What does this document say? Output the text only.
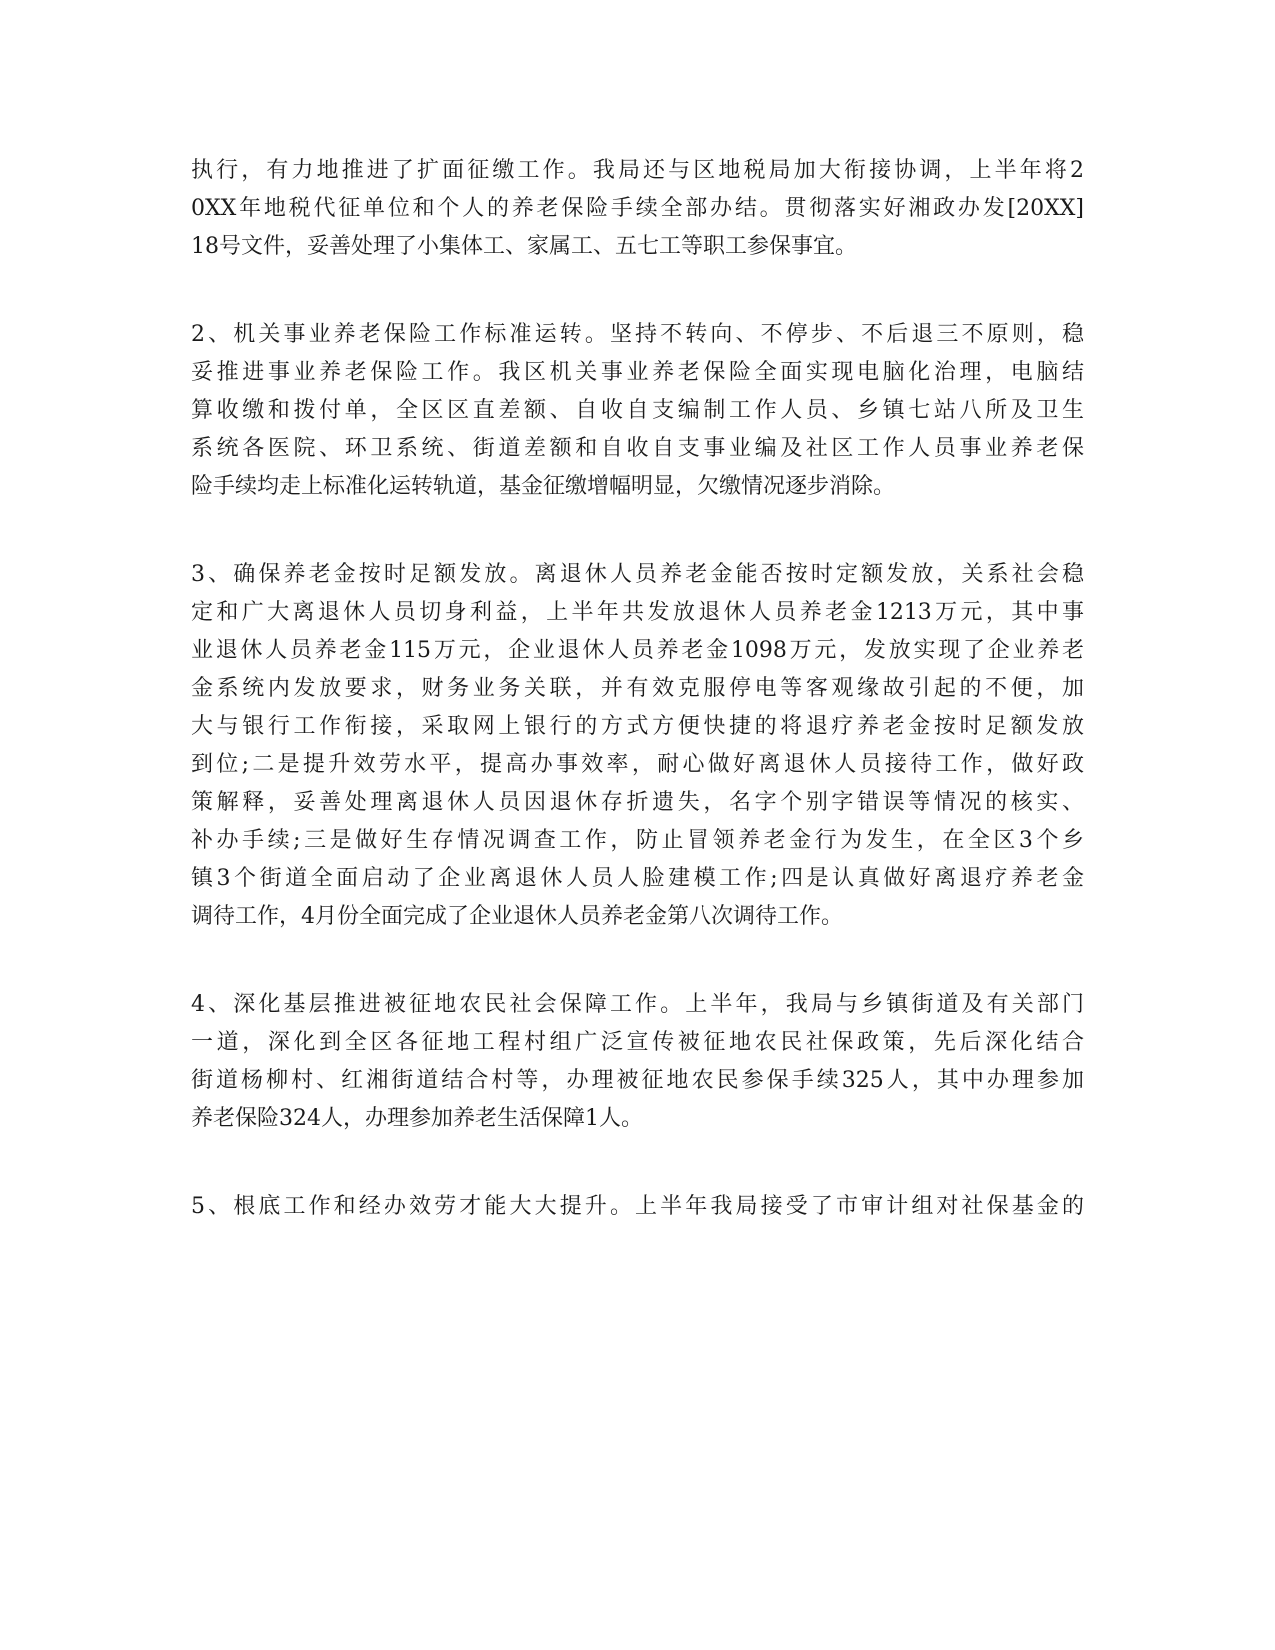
执行，有力地推进了扩面征缴工作。我局还与区地税局加大衔接协调，上半年将2
0XX年地税代征单位和个人的养老保险手续全部办结。贯彻落实好湘政办发[20XX]
18号文件，妥善处理了小集体工、家属工、五七工等职工参保事宜。
2、机关事业养老保险工作标准运转。坚持不转向、不停步、不后退三不原则，稳
妥推进事业养老保险工作。我区机关事业养老保险全面实现电脑化治理，电脑结
算收缴和拨付单，全区区直差额、自收自支编制工作人员、乡镇七站八所及卫生
系统各医院、环卫系统、街道差额和自收自支事业编及社区工作人员事业养老保
险手续均走上标准化运转轨道，基金征缴增幅明显，欠缴情况逐步消除。
3、确保养老金按时足额发放。离退休人员养老金能否按时定额发放，关系社会稳
定和广大离退休人员切身利益，上半年共发放退休人员养老金1213万元，其中事
业退休人员养老金115万元，企业退休人员养老金1098万元，发放实现了企业养老
金系统内发放要求，财务业务关联，并有效克服停电等客观缘故引起的不便，加
大与银行工作衔接，采取网上银行的方式方便快捷的将退疗养老金按时足额发放
到位;二是提升效劳水平，提高办事效率，耐心做好离退休人员接待工作，做好政
策解释，妥善处理离退休人员因退休存折遗失，名字个别字错误等情况的核实、
补办手续;三是做好生存情况调查工作，防止冒领养老金行为发生，在全区3个乡
镇3个街道全面启动了企业离退休人员人脸建模工作;四是认真做好离退疗养老金
调待工作，4月份全面完成了企业退休人员养老金第八次调待工作。
4、深化基层推进被征地农民社会保障工作。上半年，我局与乡镇街道及有关部门
一道，深化到全区各征地工程村组广泛宣传被征地农民社保政策，先后深化结合
街道杨柳村、红湘街道结合村等，办理被征地农民参保手续325人，其中办理参加
养老保险324人，办理参加养老生活保障1人。
5、根底工作和经办效劳才能大大提升。上半年我局接受了市审计组对社保基金的
